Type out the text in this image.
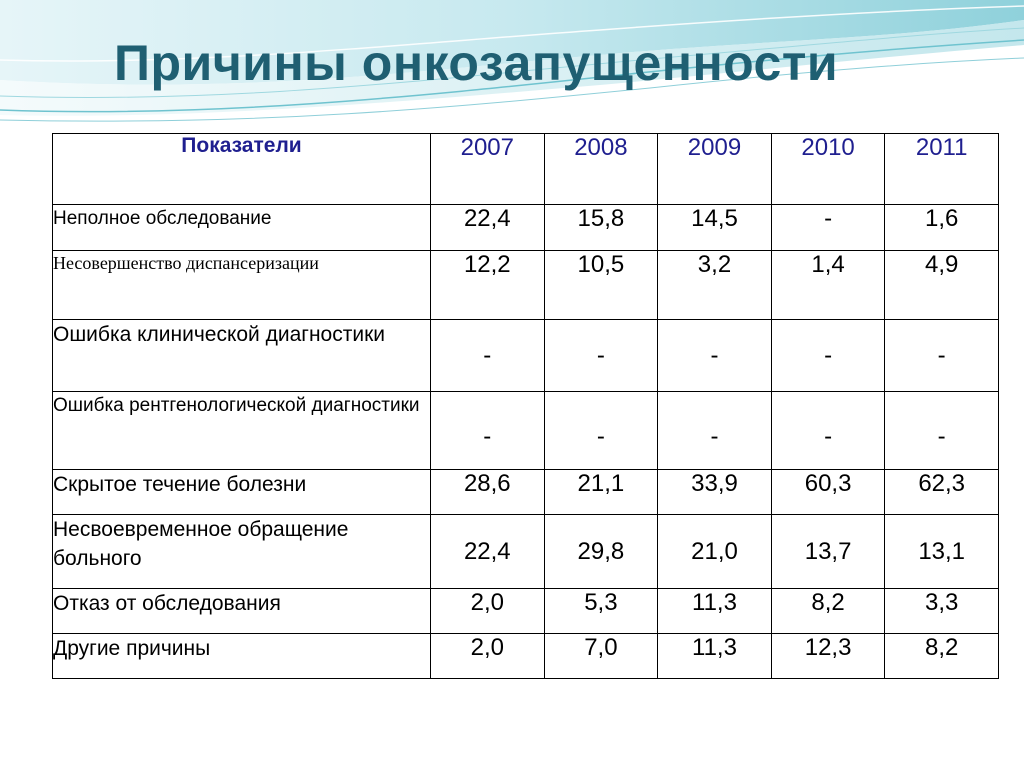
Причины онкозапущенности
Показатели	2007	2008	2009	2010	2011
Неполное обследование	22,4	15,8	14,5	-	1,6
Несовершенство диспансеризации	12,2	10,5	3,2	1,4	4,9
Ошибка клинической диагностики	-	-	-	-	-
Ошибка рентгенологической диагностики	-	-	-	-	-
Скрытое течение болезни	28,6	21,1	33,9	60,3	62,3
Несвоевременное обращение больного	22,4	29,8	21,0	13,7	13,1
Отказ от обследования	2,0	5,3	11,3	8,2	3,3
Другие причины	2,0	7,0	11,3	12,3	8,2
